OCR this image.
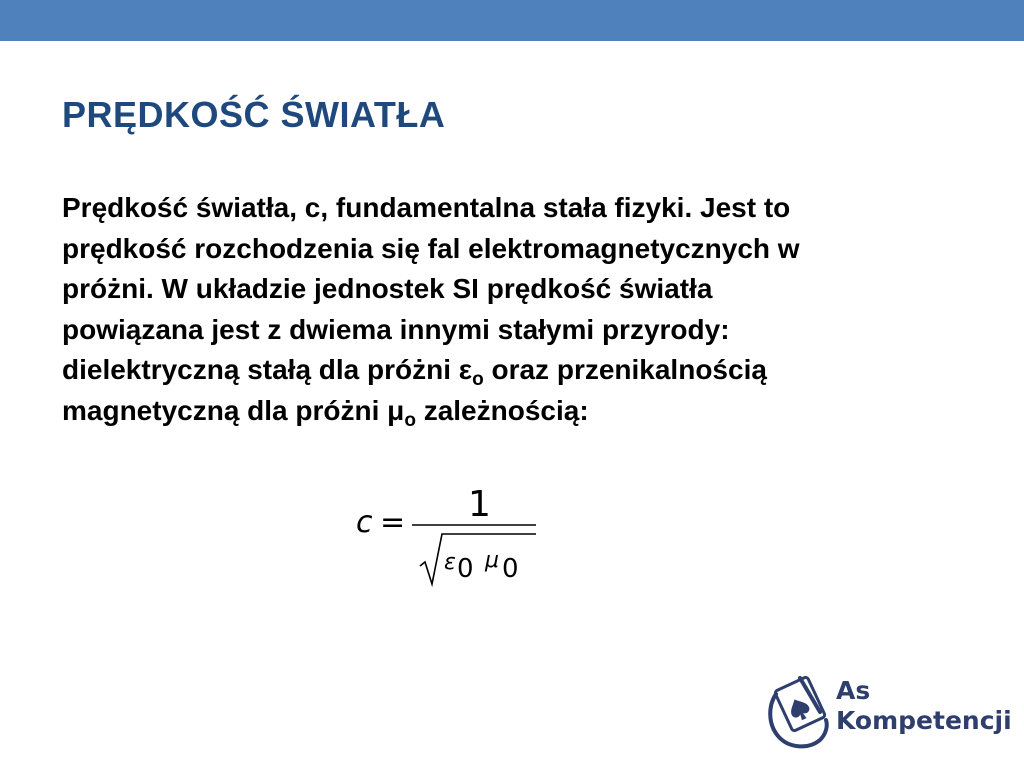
PRĘDKOŚĆ ŚWIATŁA

Prędkość światła, c, fundamentalna stała fizyki. Jest to
prędkość rozchodzenia się fal elektromagnetycznych w
próżni. W układzie jednostek SI prędkość światła
powiązana jest z dwiema innymi stałymi przyrody:
dielektryczną stałą dla próżni $\varepsilon_o$ oraz przenikalnością
magnetyczną dla próżni $\mu_o$ zależnością:

c = 1
ε 0 μ 0
As
Kompetencji
